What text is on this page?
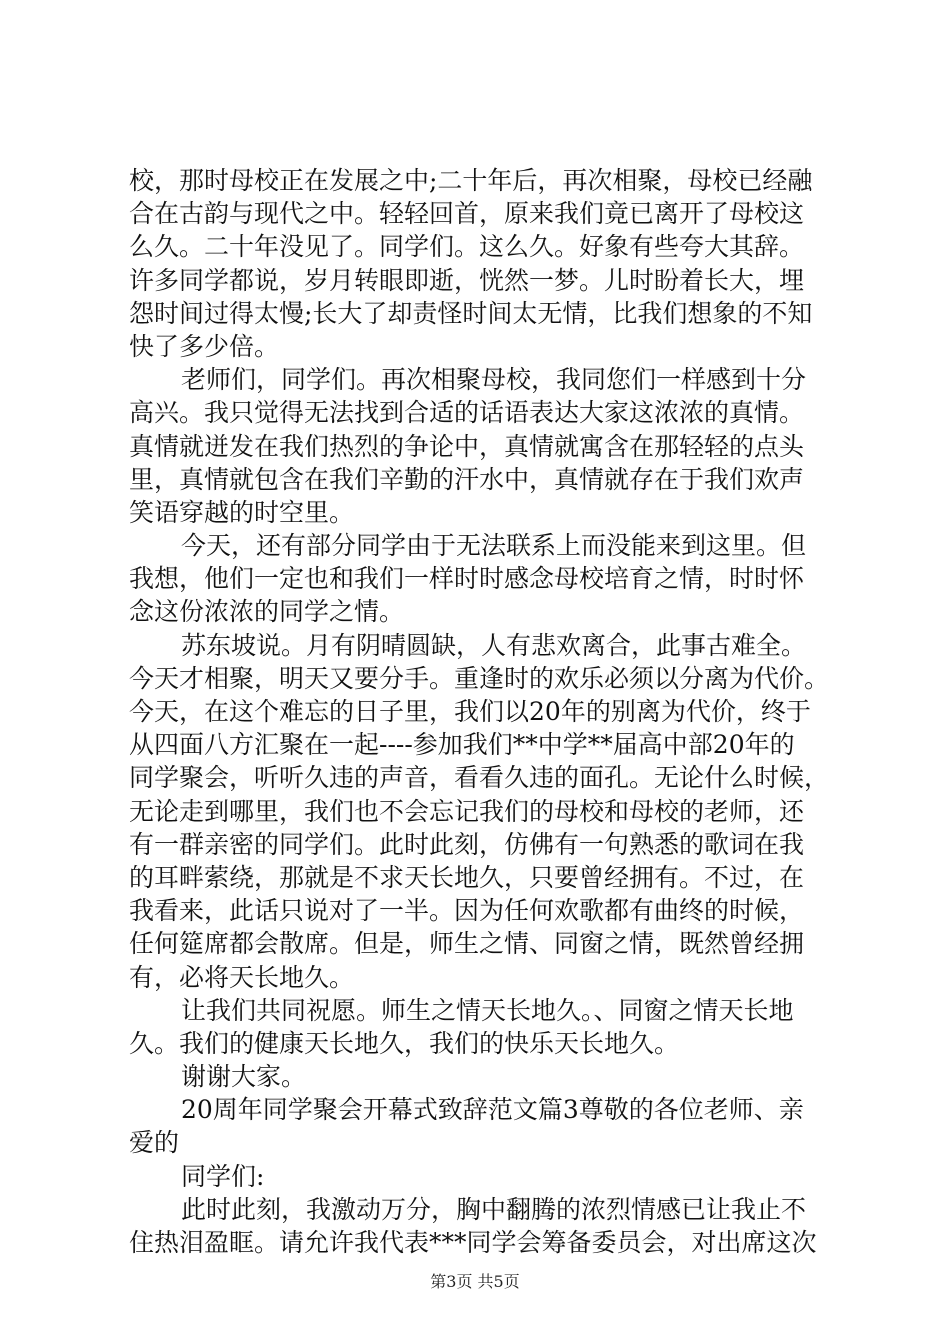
校，那时母校正在发展之中;二十年后，再次相聚，母校已经融
合在古韵与现代之中。轻轻回首，原来我们竟已离开了母校这
么久。二十年没见了。同学们。这么久。好象有些夸大其辞。
许多同学都说，岁月转眼即逝，恍然一梦。儿时盼着长大，埋
怨时间过得太慢;长大了却责怪时间太无情，比我们想象的不知
快了多少倍。
老师们，同学们。再次相聚母校，我同您们一样感到十分
高兴。我只觉得无法找到合适的话语表达大家这浓浓的真情。
真情就迸发在我们热烈的争论中，真情就寓含在那轻轻的点头
里，真情就包含在我们辛勤的汗水中，真情就存在于我们欢声
笑语穿越的时空里。
今天，还有部分同学由于无法联系上而没能来到这里。但
我想，他们一定也和我们一样时时感念母校培育之情，时时怀
念这份浓浓的同学之情。
苏东坡说。月有阴晴圆缺，人有悲欢离合，此事古难全。
今天才相聚，明天又要分手。重逢时的欢乐必须以分离为代价。
今天，在这个难忘的日子里，我们以20年的别离为代价，终于
从四面八方汇聚在一起----参加我们**中学**届高中部20年的
同学聚会，听听久违的声音，看看久违的面孔。无论什么时候，
无论走到哪里，我们也不会忘记我们的母校和母校的老师，还
有一群亲密的同学们。此时此刻，仿佛有一句熟悉的歌词在我
的耳畔萦绕，那就是不求天长地久，只要曾经拥有。不过，在
我看来，此话只说对了一半。因为任何欢歌都有曲终的时候，
任何筵席都会散席。但是，师生之情、同窗之情，既然曾经拥
有，必将天长地久。
让我们共同祝愿。师生之情天长地久。、同窗之情天长地
久。我们的健康天长地久，我们的快乐天长地久。
谢谢大家。
20周年同学聚会开幕式致辞范文篇3尊敬的各位老师、亲
爱的
同学们:
此时此刻，我激动万分，胸中翻腾的浓烈情感已让我止不
住热泪盈眶。请允许我代表***同学会筹备委员会，对出席这次
第3页 共5页
